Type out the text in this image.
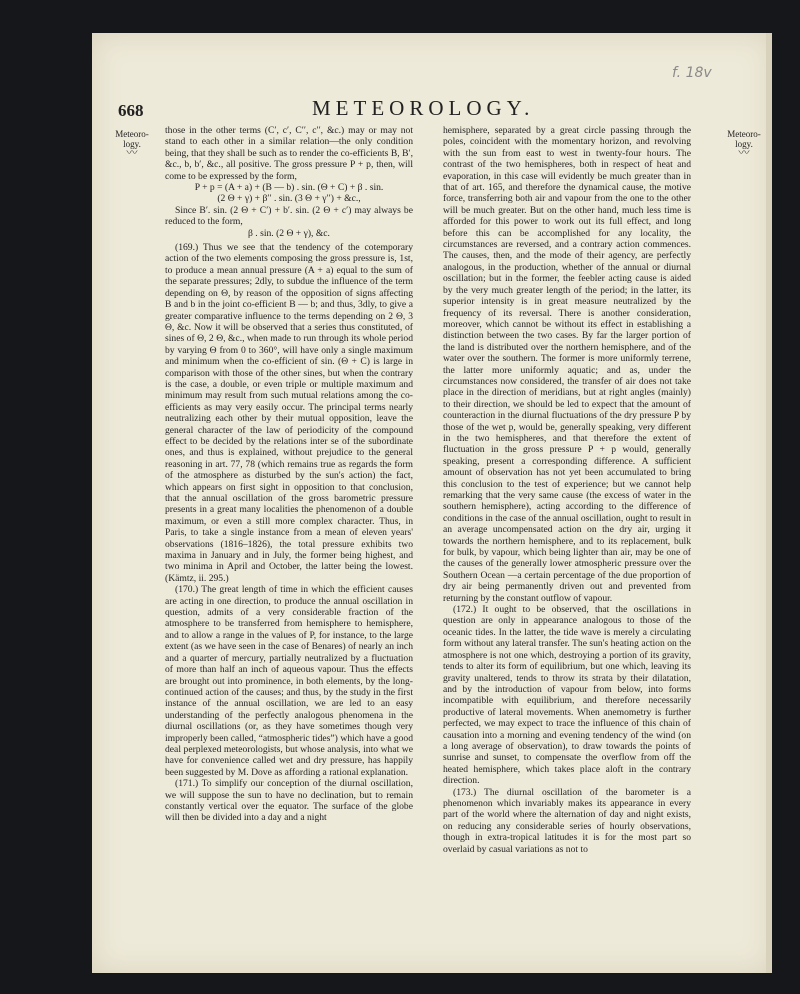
f. 18v
668	METEOROLOGY.
Meteoro-
logy.
〰
Meteoro-
logy.
〰

those in the other terms (C′, c′, C′′, c′′, &c.) may or may not stand to each other in a similar relation—the only condition being, that they shall be such as to render the co-efficients B, B′, &c., b, b′, &c., all positive. The gross pressure P + p, then, will come to be expressed by the form,

P + p = (A + a) + (B — b) . sin. (Θ + C) + β . sin.

(2 Θ + γ) + β′′ . sin. (3 Θ + γ′′) + &c.,

Since B′. sin. (2 Θ + C′) + b′. sin. (2 Θ + c′) may always be reduced to the form,

β . sin. (2 Θ + γ), &c.

(169.) Thus we see that the tendency of the cotemporary action of the two elements composing the gross pressure is, 1st, to produce a mean annual pressure (A + a) equal to the sum of the separate pressures; 2dly, to subdue the influence of the term depending on Θ, by reason of the opposition of signs affecting B and b in the joint co-efficient B — b; and thus, 3dly, to give a greater comparative influence to the terms depending on 2 Θ, 3 Θ, &c. Now it will be observed that a series thus constituted, of sines of Θ, 2 Θ, &c., when made to run through its whole period by varying Θ from 0 to 360°, will have only a single maximum and minimum when the co-efficient of sin. (Θ + C) is large in comparison with those of the other sines, but when the contrary is the case, a double, or even triple or multiple maximum and minimum may result from such mutual relations among the co-efficients as may very easily occur. The principal terms nearly neutralizing each other by their mutual opposition, leave the general character of the law of periodicity of the compound effect to be decided by the relations inter se of the subordinate ones, and thus is explained, without prejudice to the general reasoning in art. 77, 78 (which remains true as regards the form of the atmosphere as disturbed by the sun's action) the fact, which appears on first sight in opposition to that conclusion, that the annual oscillation of the gross barometric pressure presents in a great many localities the phenomenon of a double maximum, or even a still more complex character. Thus, in Paris, to take a single instance from a mean of eleven years' observations (1816–1826), the total pressure exhibits two maxima in January and in July, the former being highest, and two minima in April and October, the latter being the lowest. (Kämtz, ii. 295.)

(170.) The great length of time in which the efficient causes are acting in one direction, to produce the annual oscillation in question, admits of a very considerable fraction of the atmosphere to be transferred from hemisphere to hemisphere, and to allow a range in the values of P, for instance, to the large extent (as we have seen in the case of Benares) of nearly an inch and a quarter of mercury, partially neutralized by a fluctuation of more than half an inch of aqueous vapour. Thus the effects are brought out into prominence, in both elements, by the long-continued action of the causes; and thus, by the study in the first instance of the annual oscillation, we are led to an easy understanding of the perfectly analogous phenomena in the diurnal oscillations (or, as they have sometimes though very improperly been called, “atmospheric tides”) which have a good deal perplexed meteorologists, but whose analysis, into what we have for convenience called wet and dry pressure, has happily been suggested by M. Dove as affording a rational explanation.

(171.) To simplify our conception of the diurnal oscillation, we will suppose the sun to have no declination, but to remain constantly vertical over the equator. The surface of the globe will then be divided into a day and a night

hemisphere, separated by a great circle passing through the poles, coincident with the momentary horizon, and revolving with the sun from east to west in twenty-four hours. The contrast of the two hemispheres, both in respect of heat and evaporation, in this case will evidently be much greater than in that of art. 165, and therefore the dynamical cause, the motive force, transferring both air and vapour from the one to the other will be much greater. But on the other hand, much less time is afforded for this power to work out its full effect, and long before this can be accomplished for any locality, the circumstances are reversed, and a contrary action commences. The causes, then, and the mode of their agency, are perfectly analogous, in the production, whether of the annual or diurnal oscillation; but in the former, the feebler acting cause is aided by the very much greater length of the period; in the latter, its superior intensity is in great measure neutralized by the frequency of its reversal. There is another consideration, moreover, which cannot be without its effect in establishing a distinction between the two cases. By far the larger portion of the land is distributed over the northern hemisphere, and of the water over the southern. The former is more uniformly terrene, the latter more uniformly aquatic; and as, under the circumstances now considered, the transfer of air does not take place in the direction of meridians, but at right angles (mainly) to their direction, we should be led to expect that the amount of counteraction in the diurnal fluctuations of the dry pressure P by those of the wet p, would be, generally speaking, very different in the two hemispheres, and that therefore the extent of fluctuation in the gross pressure P + p would, generally speaking, present a corresponding difference. A sufficient amount of observation has not yet been accumulated to bring this conclusion to the test of experience; but we cannot help remarking that the very same cause (the excess of water in the southern hemisphere), acting according to the difference of conditions in the case of the annual oscillation, ought to result in an average uncompensated action on the dry air, urging it towards the northern hemisphere, and to its replacement, bulk for bulk, by vapour, which being lighter than air, may be one of the causes of the generally lower atmospheric pressure over the Southern Ocean —a certain percentage of the due proportion of dry air being permanently driven out and prevented from returning by the constant outflow of vapour.

(172.) It ought to be observed, that the oscillations in question are only in appearance analogous to those of the oceanic tides. In the latter, the tide wave is merely a circulating form without any lateral transfer. The sun's heating action on the atmosphere is not one which, destroying a portion of its gravity, tends to alter its form of equilibrium, but one which, leaving its gravity unaltered, tends to throw its strata by their dilatation, and by the introduction of vapour from below, into forms incompatible with equilibrium, and therefore necessarily productive of lateral movements. When anemometry is further perfected, we may expect to trace the influence of this chain of causation into a morning and evening tendency of the wind (on a long average of observation), to draw towards the points of sunrise and sunset, to compensate the overflow from off the heated hemisphere, which takes place aloft in the contrary direction.

(173.) The diurnal oscillation of the barometer is a phenomenon which invariably makes its appearance in every part of the world where the alternation of day and night exists, on reducing any considerable series of hourly observations, though in extra-tropical latitudes it is for the most part so overlaid by casual variations as not to
